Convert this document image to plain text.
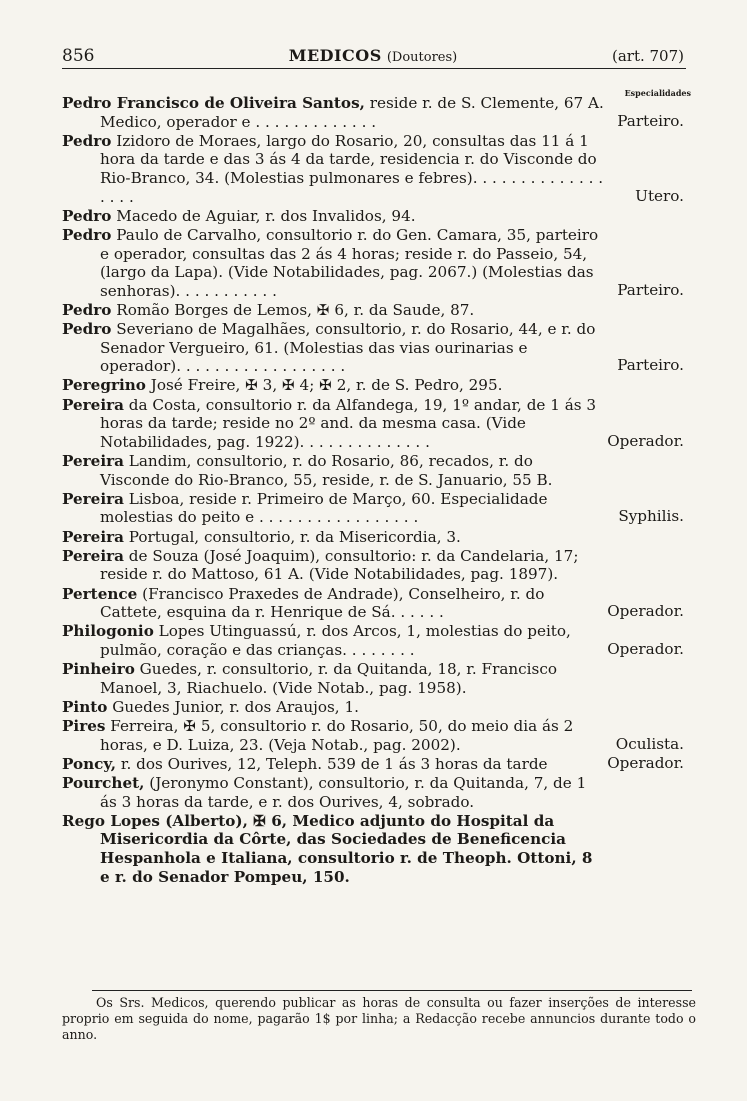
856	MEDICOS (Doutores)	(art. 707)
Especialidades
Pedro Francisco de Oliveira Santos, reside r. de S. Clemente, 67 A. Medico, operador e . . . . . . . . . . . . .	Parteiro.
Pedro Izidoro de Moraes, largo do Rosario, 20, consultas das 11 á 1 hora da tarde e das 3 ás 4 da tarde, residencia r. do Visconde do Rio-Branco, 34. (Molestias pulmonares e febres). . . . . . . . . . . . . . . . . .	Utero.
Pedro Macedo de Aguiar, r. dos Invalidos, 94.
Pedro Paulo de Carvalho, consultorio r. do Gen. Camara, 35, parteiro e operador, consultas das 2 ás 4 horas; reside r. do Passeio, 54, (largo da Lapa). (Vide Notabilidades, pag. 2067.) (Molestias das senhoras). . . . . . . . . . .	Parteiro.
Pedro Romão Borges de Lemos, ✠ 6, r. da Saude, 87.
Pedro Severiano de Magalhães, consultorio, r. do Rosario, 44, e r. do Senador Vergueiro, 61. (Molestias das vias ourinarias e operador). . . . . . . . . . . . . . . . . .	Parteiro.
Peregrino José Freire, ✠ 3, ✠ 4; ✠ 2, r. de S. Pedro, 295.
Pereira da Costa, consultorio r. da Alfandega, 19, 1º andar, de 1 ás 3 horas da tarde; reside no 2º and. da mesma casa. (Vide Notabilidades, pag. 1922). . . . . . . . . . . . . .	Operador.
Pereira Landim, consultorio, r. do Rosario, 86, recados, r. do Visconde do Rio-Branco, 55, reside, r. de S. Januario, 55 B.
Pereira Lisboa, reside r. Primeiro de Março, 60. Especialidade molestias do peito e . . . . . . . . . . . . . . . . .	Syphilis.
Pereira Portugal, consultorio, r. da Misericordia, 3.
Pereira de Souza (José Joaquim), consultorio: r. da Candelaria, 17; reside r. do Mattoso, 61 A. (Vide Notabilidades, pag. 1897).
Pertence (Francisco Praxedes de Andrade), Conselheiro, r. do Cattete, esquina da r. Henrique de Sá. . . . . .	Operador.
Philogonio Lopes Utinguassú, r. dos Arcos, 1, molestias do peito, pulmão, coração e das crianças. . . . . . . .	Operador.
Pinheiro Guedes, r. consultorio, r. da Quitanda, 18, r. Francisco Manoel, 3, Riachuelo. (Vide Notab., pag. 1958).
Pinto Guedes Junior, r. dos Araujos, 1.
Pires Ferreira, ✠ 5, consultorio r. do Rosario, 50, do meio dia ás 2 horas, e D. Luiza, 23. (Veja Notab., pag. 2002).	Oculista.
Poncy, r. dos Ourives, 12, Teleph. 539 de 1 ás 3 horas da tarde	Operador.
Pourchet, (Jeronymo Constant), consultorio, r. da Quitanda, 7, de 1 ás 3 horas da tarde, e r. dos Ourives, 4, sobrado.
Rego Lopes (Alberto), ✠ 6, Medico adjunto do Hospital da Misericordia da Côrte, das Sociedades de Beneficencia Hespanhola e Italiana, consultorio r. de Theoph. Ottoni, 8 e r. do Senador Pompeu, 150.
Os Srs. Medicos, querendo publicar as horas de consulta ou fazer inserções de interesse proprio em seguida do nome, pagarão 1$ por linha; a Redacção recebe annuncios durante todo o anno.
